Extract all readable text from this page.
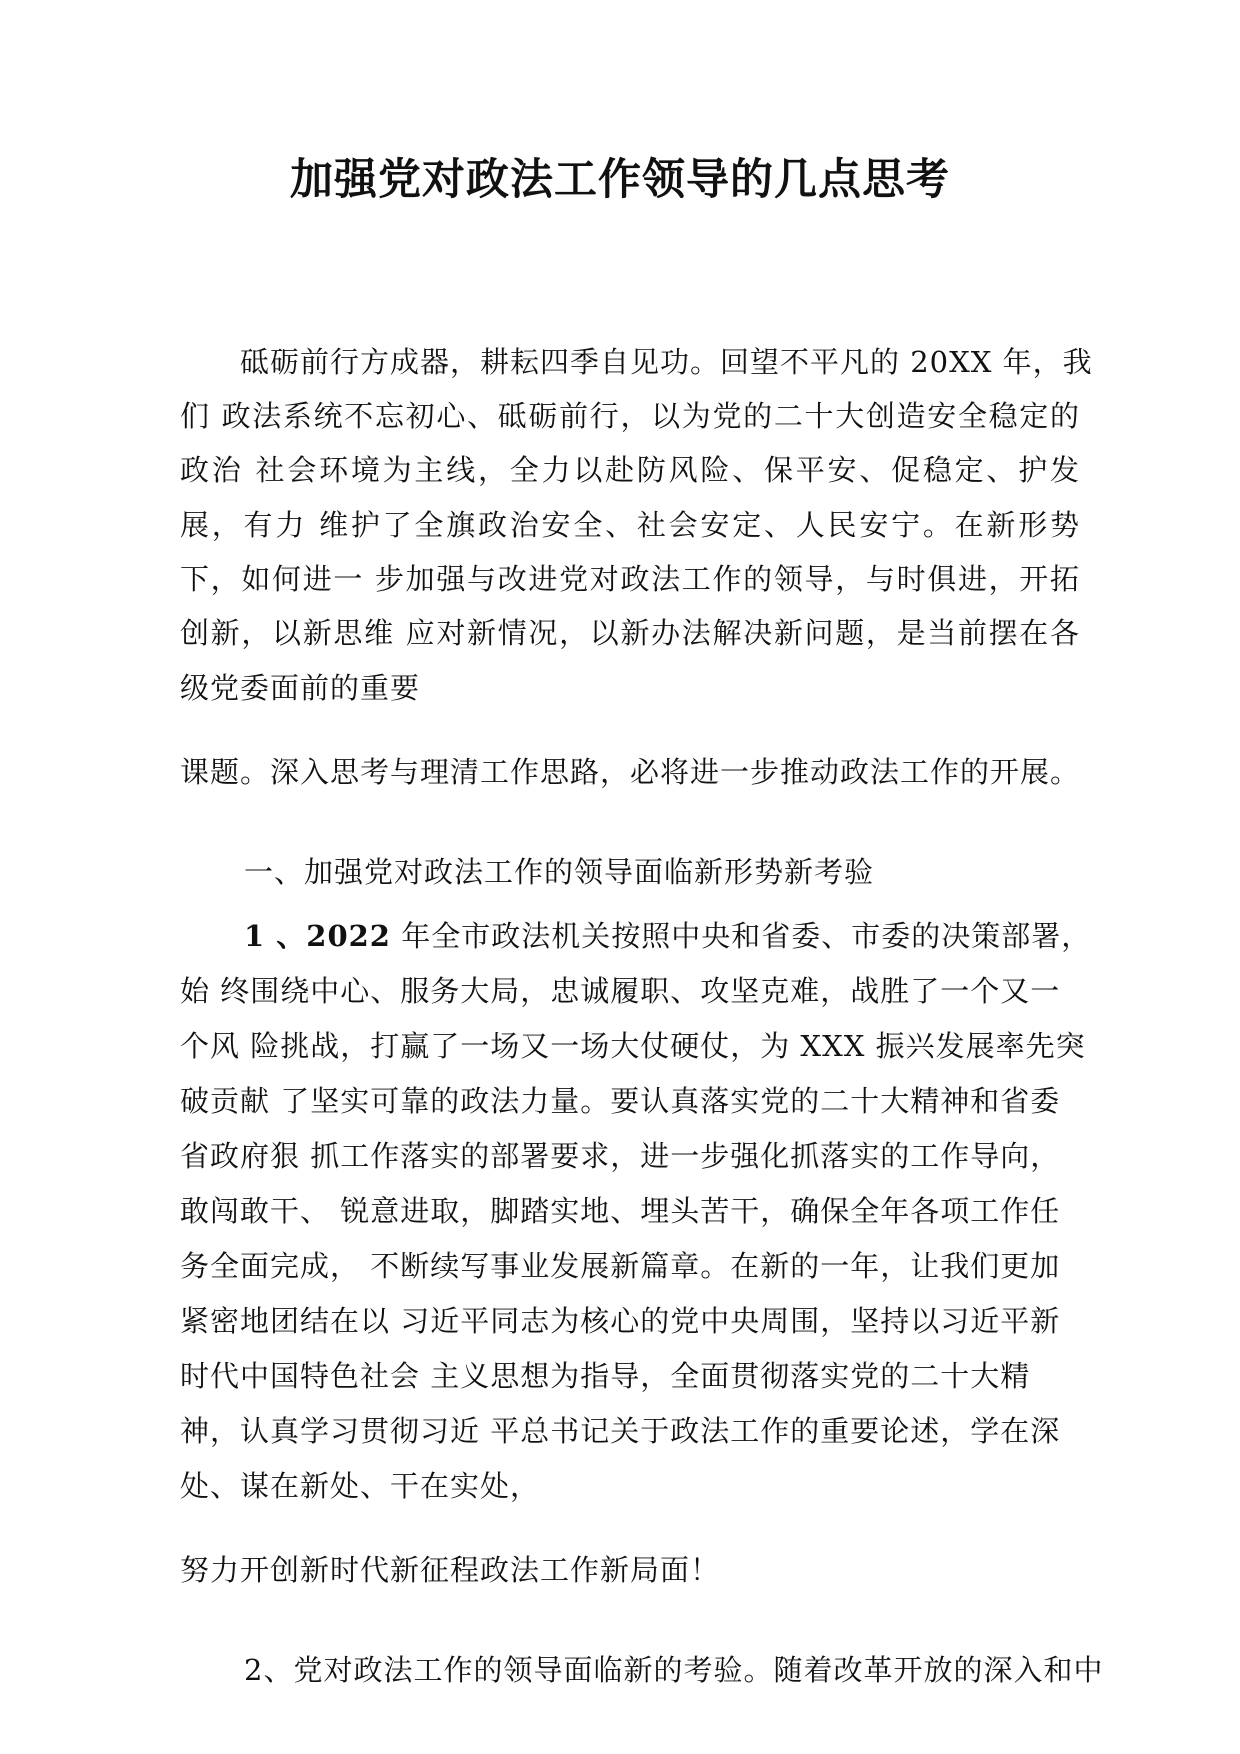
加强党对政法工作领导的几点思考

砥砺前行方成器，耕耘四季自见功。回望不平凡的 20XX 年，我

们 政法系统不忘初心、砥砺前行，以为党的二十大创造安全稳定的

政治 社会环境为主线，全力以赴防风险、保平安、促稳定、护发

展，有力 维护了全旗政治安全、社会安定、人民安宁。在新形势

下，如何进一 步加强与改进党对政法工作的领导，与时俱进，开拓

创新，以新思维 应对新情况，以新办法解决新问题，是当前摆在各

级党委面前的重要

课题。深入思考与理清工作思路，必将进一步推动政法工作的开展。

一、加强党对政法工作的领导面临新形势新考验

1 、2022 年全市政法机关按照中央和省委、市委的决策部署，

始 终围绕中心、服务大局，忠诚履职、攻坚克难，战胜了一个又一

个风 险挑战，打赢了一场又一场大仗硬仗，为 XXX 振兴发展率先突

破贡献 了坚实可靠的政法力量。要认真落实党的二十大精神和省委

省政府狠 抓工作落实的部署要求，进一步强化抓落实的工作导向，

敢闯敢干、 锐意进取，脚踏实地、埋头苦干，确保全年各项工作任

务全面完成， 不断续写事业发展新篇章。在新的一年，让我们更加

紧密地团结在以 习近平同志为核心的党中央周围，坚持以习近平新

时代中国特色社会 主义思想为指导，全面贯彻落实党的二十大精

神，认真学习贯彻习近 平总书记关于政法工作的重要论述，学在深

处、谋在新处、干在实处，

努力开创新时代新征程政法工作新局面！

2、党对政法工作的领导面临新的考验。随着改革开放的深入和中
